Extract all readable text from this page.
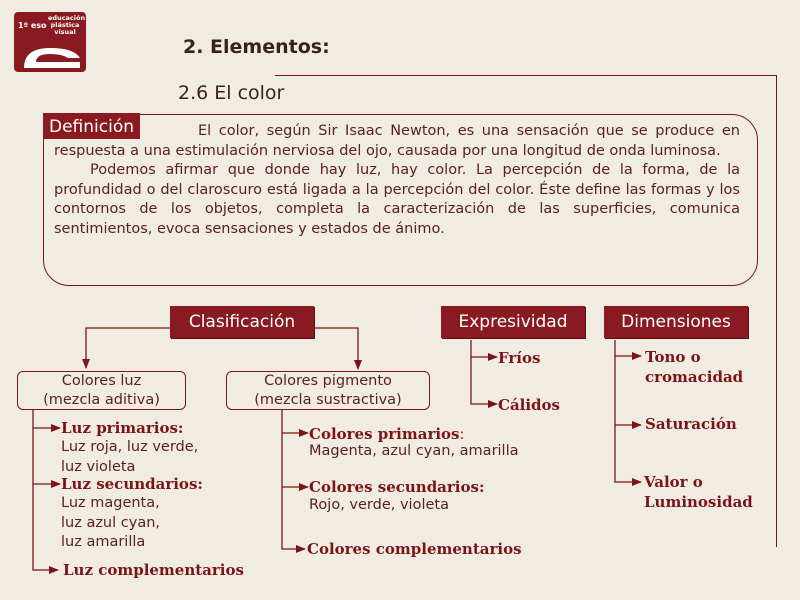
1º eso
educación
plástica
visual
2. Elementos:
2.6 El color

El color, según Sir Isaac Newton, es una sensación que se produce en respuesta a una estimulación nerviosa del ojo, causada por una longitud de onda luminosa.

Podemos afirmar que donde hay luz, hay color. La percepción de la forma, de la profundidad o del claroscuro está ligada a la percepción del color. Éste define las formas y los contornos de los objetos, completa la caracterización de las superficies, comunica sentimientos, evoca sensaciones y estados de ánimo.

Definición
Clasificación	Expresividad	Dimensiones
Colores luz
(mezcla aditiva)
Colores pigmento
(mezcla sustractiva)
Luz primarios:
Luz roja, luz verde,
luz violeta
Luz secundarios:
Luz magenta,
luz azul cyan,
luz amarilla
Luz complementarios
Colores primarios:
Magenta, azul cyan, amarilla
Colores secundarios:
Rojo, verde, violeta
Colores complementarios
Fríos
Cálidos
Tono o
cromacidad
Saturación
Valor o
Luminosidad
